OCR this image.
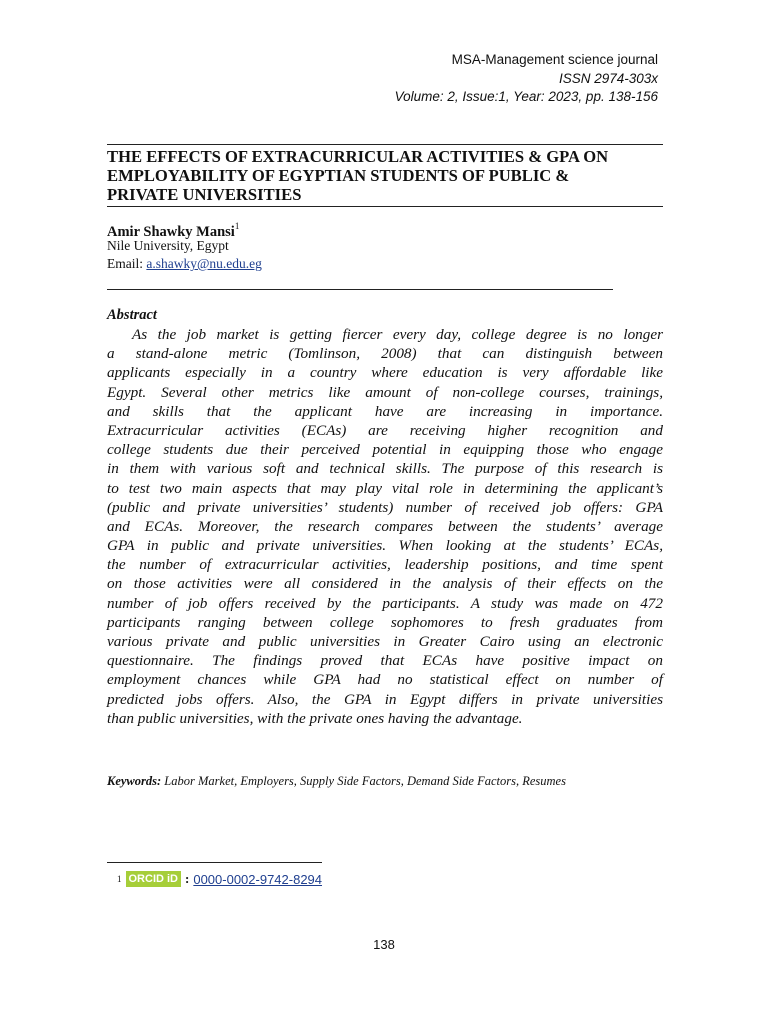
MSA-Management science journal
ISSN 2974-303x
Volume: 2, Issue:1, Year: 2023, pp. 138-156
THE EFFECTS OF EXTRACURRICULAR ACTIVITIES & GPA ON
EMPLOYABILITY OF EGYPTIAN STUDENTS OF PUBLIC &
PRIVATE UNIVERSITIES
Amir Shawky Mansi$^1$
Nile University, Egypt
Email: a.shawky@nu.edu.eg
Abstract
As the job market is getting fiercer every day, college degree is no longer
a stand-alone metric (Tomlinson, 2008) that can distinguish between
applicants especially in a country where education is very affordable like
Egypt. Several other metrics like amount of non-college courses, trainings,
and skills that the applicant have are increasing in importance.
Extracurricular activities (ECAs) are receiving higher recognition and
college students due their perceived potential in equipping those who engage
in them with various soft and technical skills. The purpose of this research is
to test two main aspects that may play vital role in determining the applicant’s
(public and private universities’ students) number of received job offers: GPA
and ECAs. Moreover, the research compares between the students’ average
GPA in public and private universities. When looking at the students’ ECAs,
the number of extracurricular activities, leadership positions, and time spent
on those activities were all considered in the analysis of their effects on the
number of job offers received by the participants. A study was made on 472
participants ranging between college sophomores to fresh graduates from
various private and public universities in Greater Cairo using an electronic
questionnaire. The findings proved that ECAs have positive impact on
employment chances while GPA had no statistical effect on number of
predicted jobs offers. Also, the GPA in Egypt differs in private universities
than public universities, with the private ones having the advantage.
Keywords: Labor Market, Employers, Supply Side Factors, Demand Side Factors, Resumes
1 ORCID iD : 0000-0002-9742-8294
138
